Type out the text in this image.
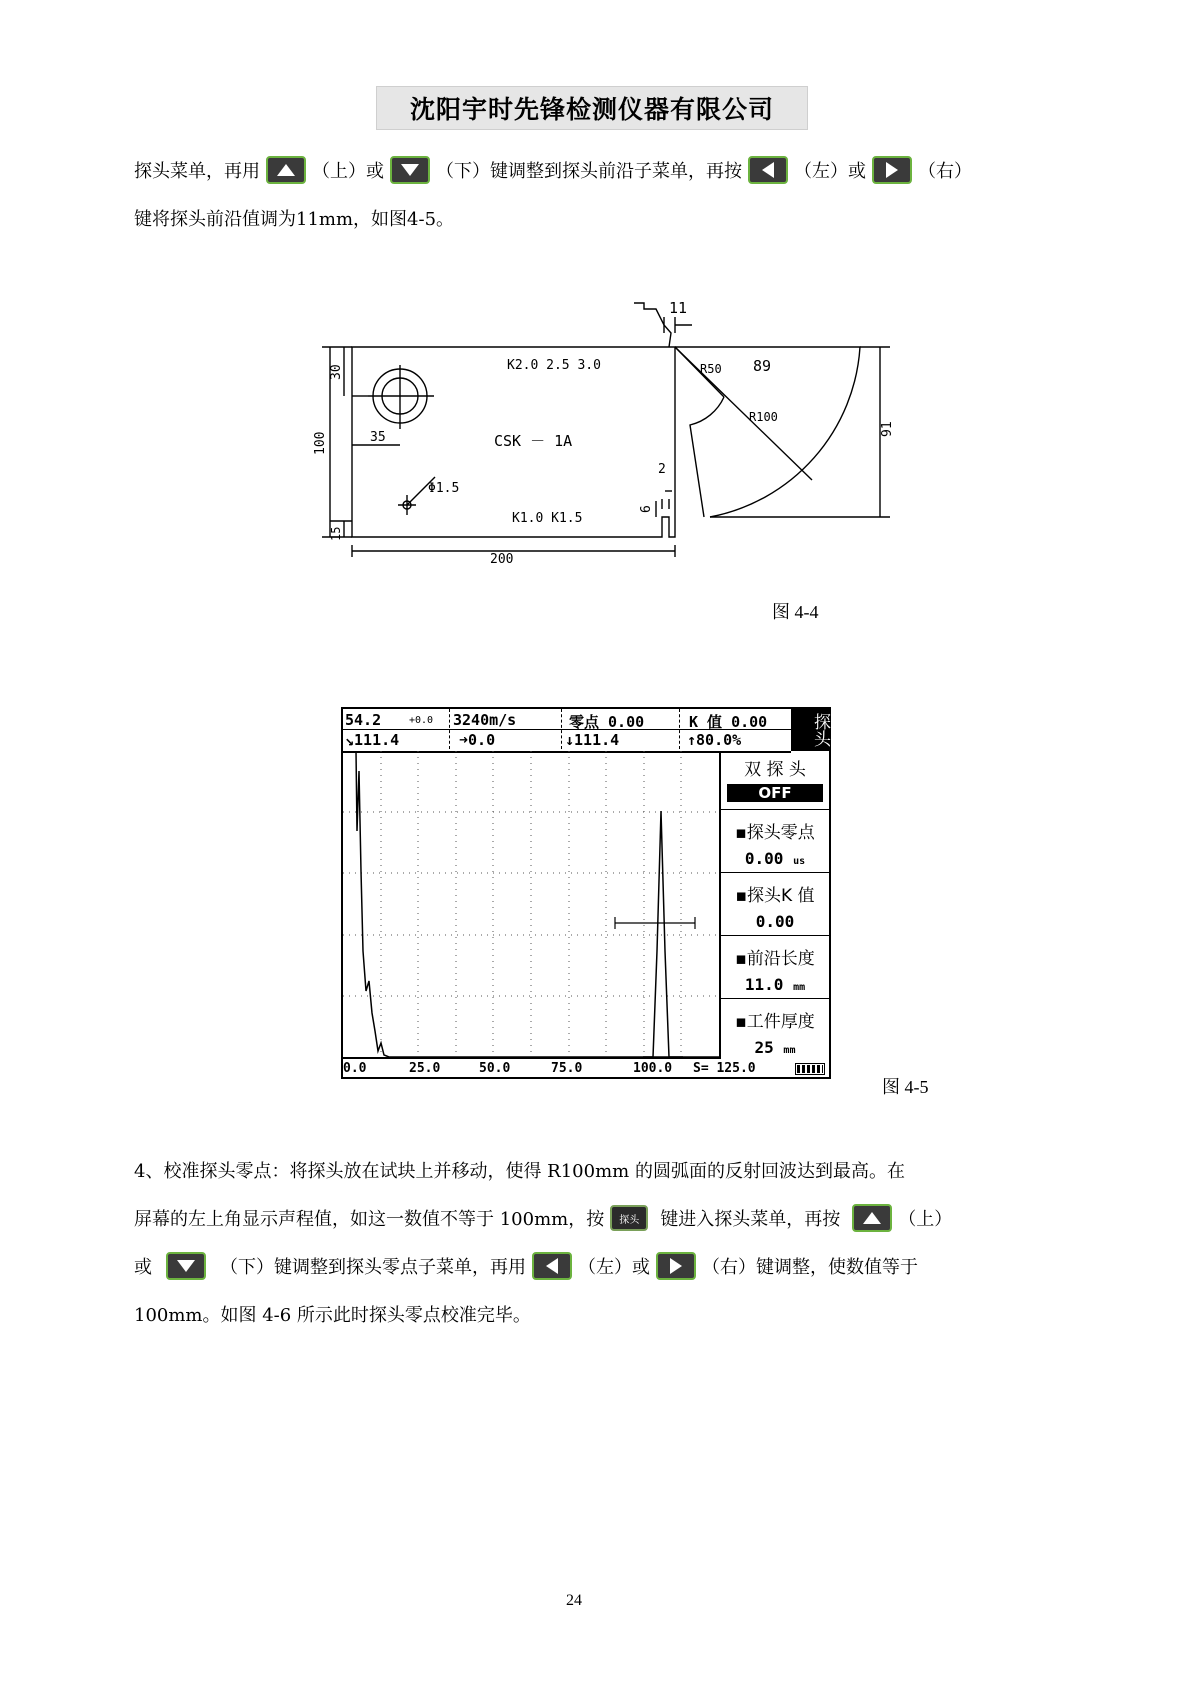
沈阳宇时先锋检测仪器有限公司
探头菜单，再用	（上）或	（下）键调整到探头前沿子菜单，再按	（左）或	（右）
键将探头前沿值调为11mm，如图4-5。
K2.0 2.5 3.0
CSK － 1A
K1.0 K1.5
Φ1.5
R50
R100
11
89
91
100
30
35
15
200
2
6
图 4-4
54.2	+0.0 3240m/s	零点 0.00	K 值 0.00
↘111.4	➜0.0	↓111.4	↑80.0%	探头
双 探 头
OFF
▪探头零点
0.00 us
▪探头K 值
0.00
▪前沿长度
11.0 mm
▪工件厚度
25 mm
0.0	25.0	50.0	75.0	100.0 S= 125.0
图 4-5
4、校准探头零点：将探头放在试块上并移动，使得 R100mm 的圆弧面的反射回波达到最高。在
屏幕的左上角显示声程值，如这一数值不等于 100mm，按	探头	键进入探头菜单，再按	（上）
或	（下）键调整到探头零点子菜单，再用	（左）或	（右）键调整，使数值等于
100mm。如图 4-6 所示此时探头零点校准完毕。
24
